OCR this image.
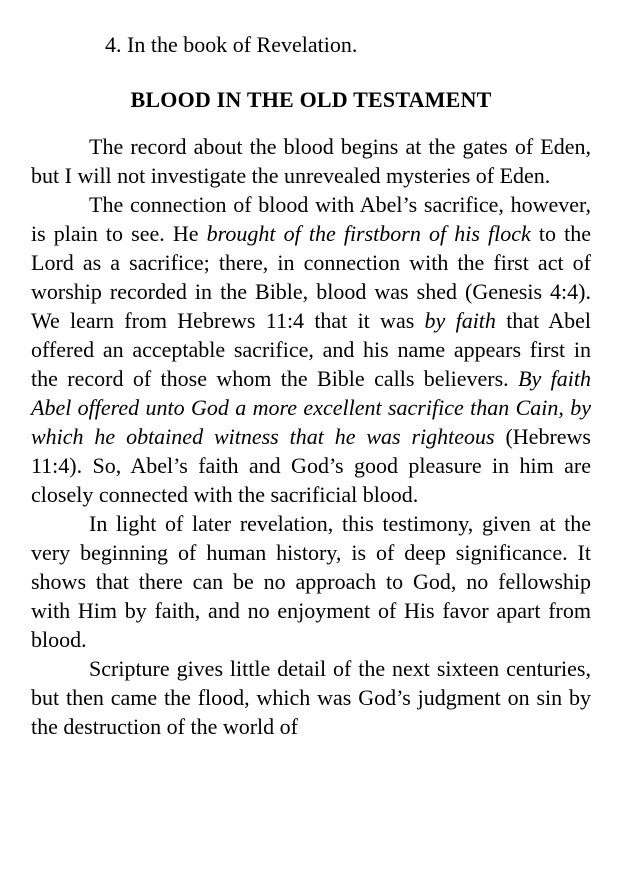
4. In the book of Revelation.

BLOOD IN THE OLD TESTAMENT

The record about the blood begins at the gates of Eden, but I will not investigate the unrevealed mysteries of Eden.

The connection of blood with Abel’s sacrifice, however, is plain to see. He brought of the firstborn of his flock to the Lord as a sacrifice; there, in connection with the first act of worship recorded in the Bible, blood was shed (Genesis 4:4). We learn from Hebrews 11:4 that it was by faith that Abel offered an acceptable sacrifice, and his name appears first in the record of those whom the Bible calls believers. By faith Abel offered unto God a more excellent sacrifice than Cain, by which he obtained witness that he was righteous (Hebrews 11:4). So, Abel’s faith and God’s good pleasure in him are closely connected with the sacrificial blood.

In light of later revelation, this testimony, given at the very beginning of human history, is of deep significance. It shows that there can be no approach to God, no fellowship with Him by faith, and no enjoyment of His favor apart from blood.

Scripture gives little detail of the next sixteen centuries, but then came the flood, which was God’s judgment on sin by the destruction of the world of
